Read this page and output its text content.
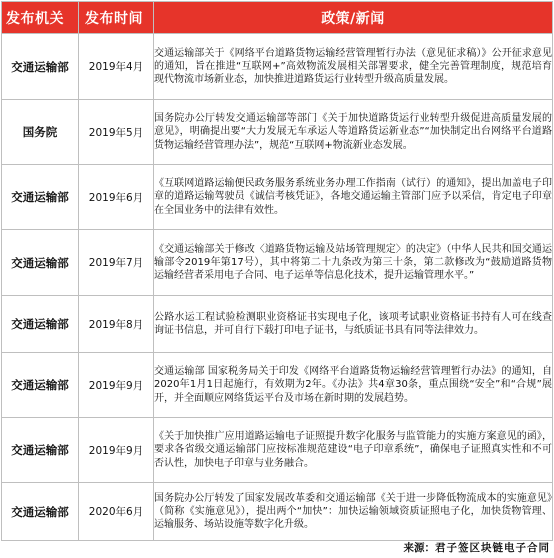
发布机关	发布时间	政策/新闻
交通运输部	2019年4月	交通运输部关于《网络平台道路货物运输经营管理暂行办法（意见征求稿）》公开征求意见的通知，旨在推进“互联网+”高效物流发展相关部署要求，健全完善管理制度，规范培育现代物流市场新业态，加快推进道路货运行业转型升级高质量发展。
国务院	2019年5月	国务院办公厅转发交通运输部等部门《关于加快道路货运行业转型升级促进高质量发展的意见》，明确提出要“大力发展无车承运人等道路货运新业态”“加快制定出台网络平台道路货物运输经营管理办法”，规范“互联网+物流新业态发展。
交通运输部	2019年6月	《互联网道路运输便民政务服务系统业务办理工作指南（试行）的通知》，提出加盖电子印章的道路运输驾驶员《诚信考核凭证》，各地交通运输主管部门应予以采信，肯定电子印章在全国业务中的法律有效性。
交通运输部	2019年7月	《交通运输部关于修改〈道路货物运输及站场管理规定〉的决定》（中华人民共和国交通运输部令2019年第17号），其中将第二十九条改为第三十条，第二款修改为“鼓励道路货物运输经营者采用电子合同、电子运单等信息化技术，提升运输管理水平。”
交通运输部	2019年8月	公路水运工程试验检测职业资格证书实现电子化，该项考试职业资格证书持有人可在线查询证书信息，并可自行下载打印电子证书，与纸质证书具有同等法律效力。
交通运输部	2019年9月	交通运输部 国家税务局关于印发《网络平台道路货物运输经营管理暂行办法》的通知，自2020年1月1日起施行，有效期为2年。《办法》共4章30条，重点围绕“安全”和“合规”展开，并全面顺应网络货运平台及市场在新时期的发展趋势。
交通运输部	2019年9月	《关于加快推广应用道路运输电子证照提升数字化服务与监管能力的实施方案意见的函》，要求各省级交通运输部门应按标准规范建设“电子印章系统”，确保电子证照真实性和不可否认性，加快电子印章与业务融合。
交通运输部	2020年6月	国务院办公厅转发了国家发展改革委和交通运输部《关于进一步降低物流成本的实施意见》（简称《实施意见》），提出两个“加快”：加快运输领域资质证照电子化，加快货物管理、运输服务、场站设施等数字化升级。
来源：君子签区块链电子合同
